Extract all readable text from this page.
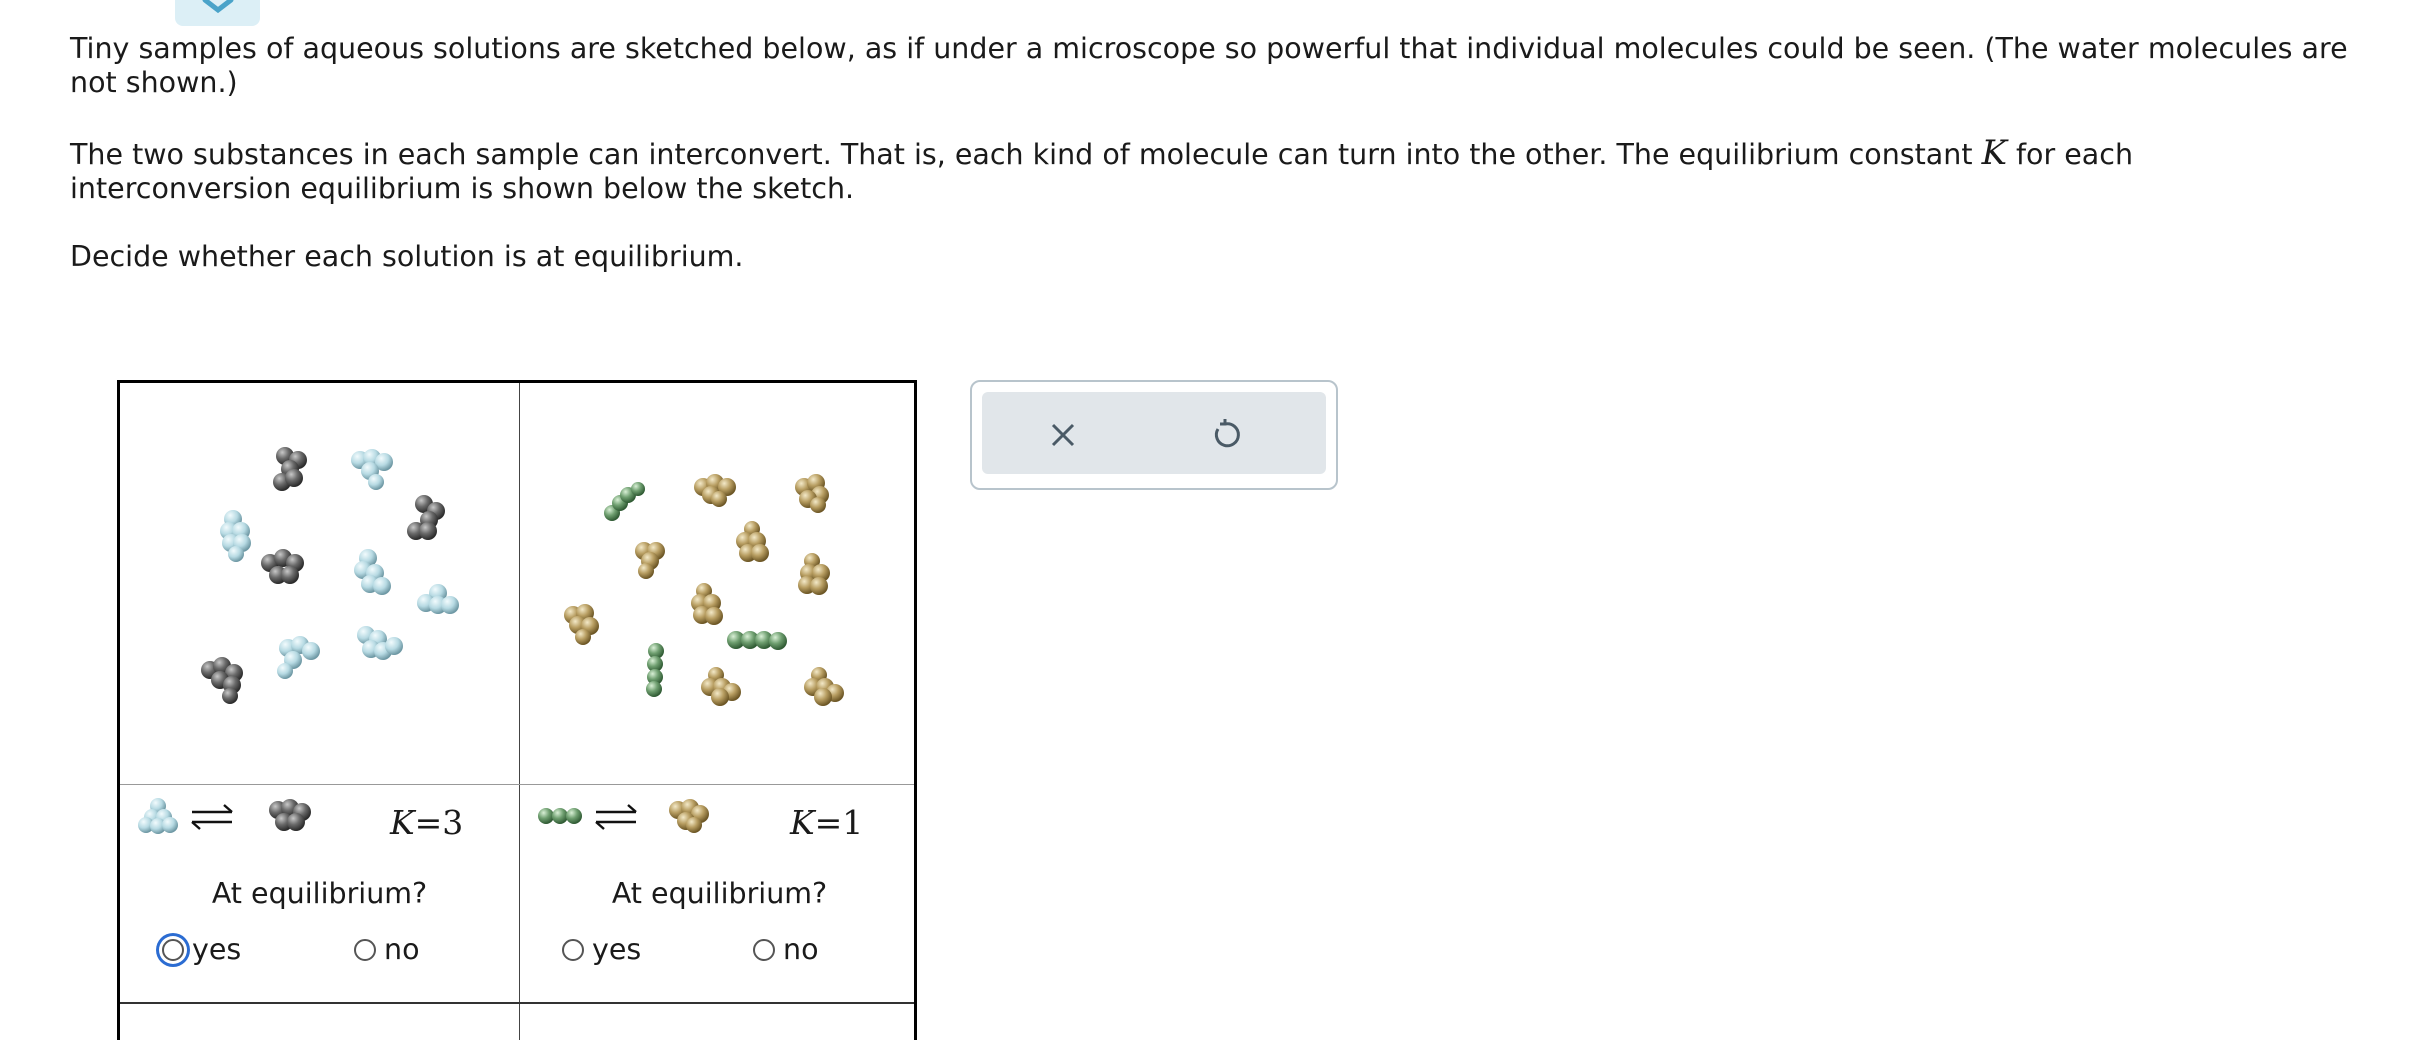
Tiny samples of aqueous solutions are sketched below, as if under a microscope so powerful that individual molecules could be seen. (The water molecules are not shown.)

The two substances in each sample can interconvert. That is, each kind of molecule can turn into the other. The equilibrium constant K for each interconversion equilibrium is shown below the sketch.

Decide whether each solution is at equilibrium.

K=3
At equilibrium?
yes	no
K=1
At equilibrium?
yes	no
